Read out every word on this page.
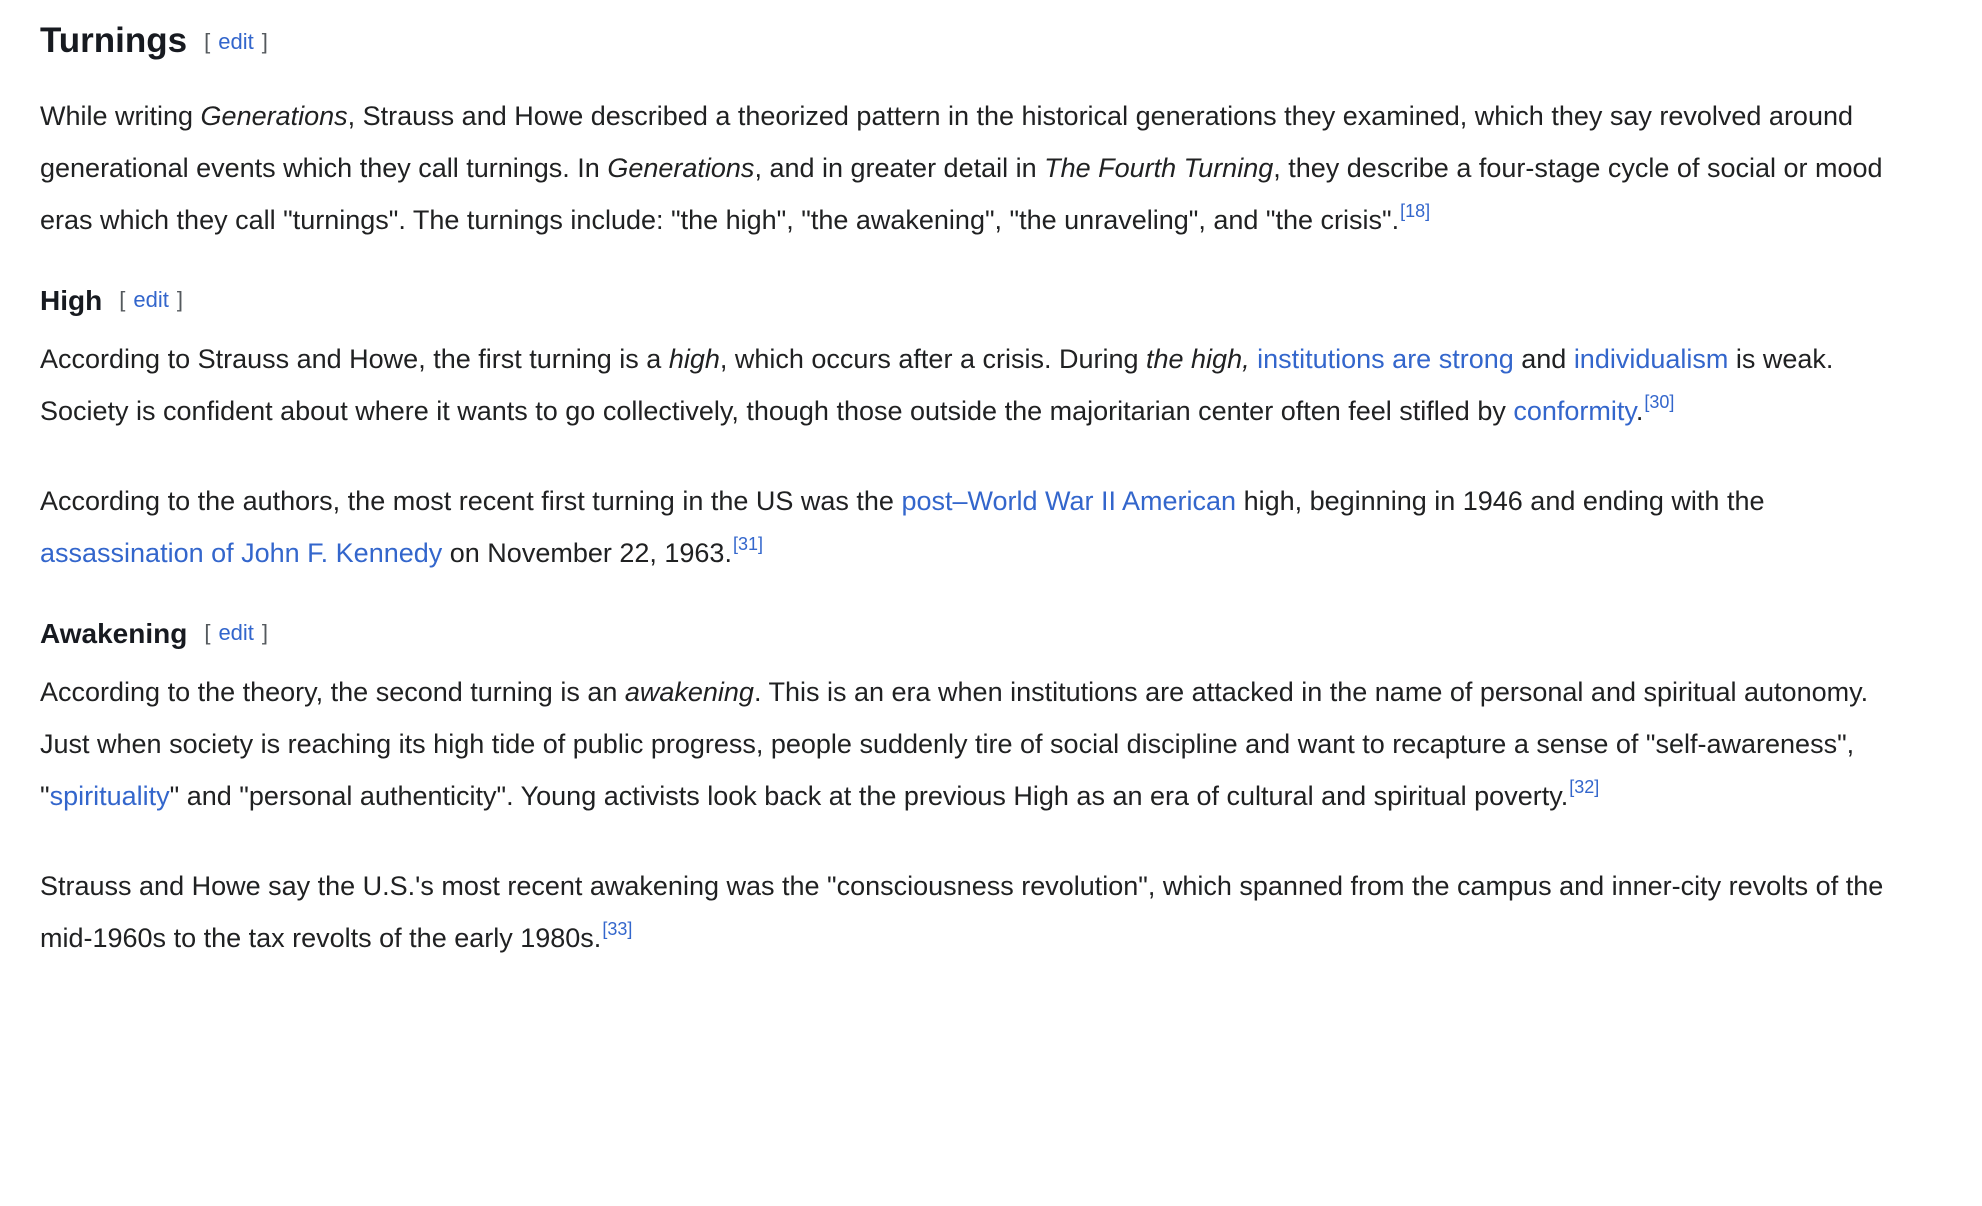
Turnings [ edit ]

While writing Generations, Strauss and Howe described a theorized pattern in the historical generations they examined, which they say revolved around generational events which they call turnings. In Generations, and in greater detail in The Fourth Turning, they describe a four-stage cycle of social or mood eras which they call "turnings". The turnings include: "the high", "the awakening", "the unraveling", and "the crisis".[18]

High [ edit ]

According to Strauss and Howe, the first turning is a high, which occurs after a crisis. During the high, institutions are strong and individualism is weak. Society is confident about where it wants to go collectively, though those outside the majoritarian center often feel stifled by conformity.[30]

According to the authors, the most recent first turning in the US was the post–World War II American high, beginning in 1946 and ending with the assassination of John F. Kennedy on November 22, 1963.[31]

Awakening [ edit ]

According to the theory, the second turning is an awakening. This is an era when institutions are attacked in the name of personal and spiritual autonomy. Just when society is reaching its high tide of public progress, people suddenly tire of social discipline and want to recapture a sense of "self-awareness", "spirituality" and "personal authenticity". Young activists look back at the previous High as an era of cultural and spiritual poverty.[32]

Strauss and Howe say the U.S.'s most recent awakening was the "consciousness revolution", which spanned from the campus and inner-city revolts of the mid-1960s to the tax revolts of the early 1980s.[33]
